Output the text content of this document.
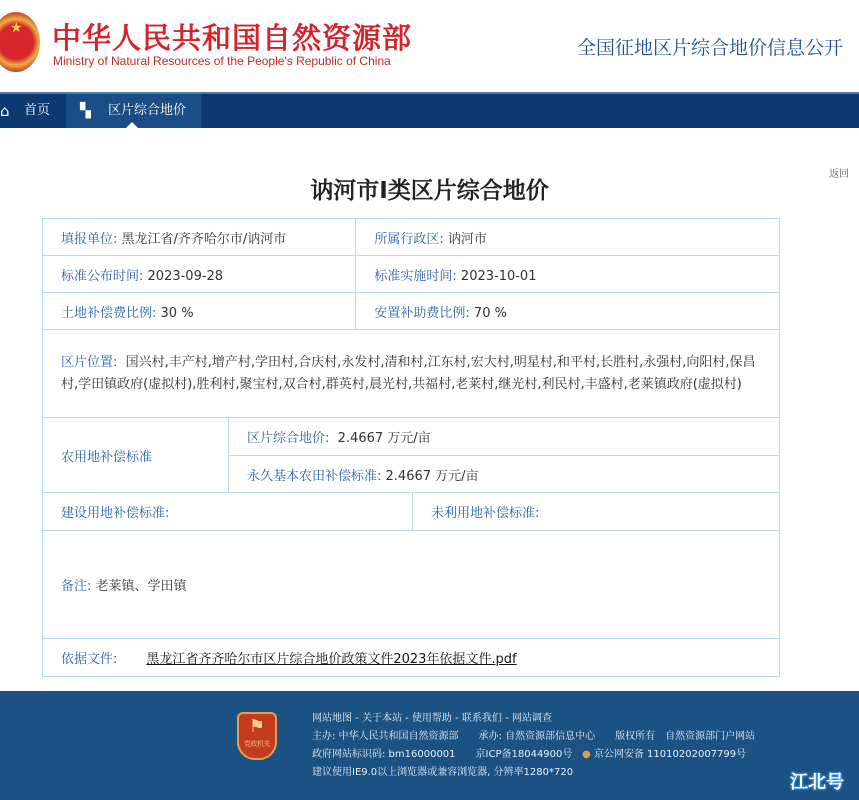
★ 中华人民共和国自然资源部
Ministry of Natural Resources of the People's Republic of China
全国征地区片综合地价信息公开
⌂ 首页 ▚ 区片综合地价
返回
讷河市Ⅰ类区片综合地价
填报单位: 黑龙江省/齐齐哈尔市/讷河市	所属行政区: 讷河市
标准公布时间: 2023-09-28	标准实施时间: 2023-10-01
土地补偿费比例: 30 %	安置补助费比例: 70 %
区片位置: 国兴村,丰产村,增产村,学田村,合庆村,永发村,清和村,江东村,宏大村,明星村,和平村,长胜村,永强村,向阳村,保昌村,学田镇政府(虚拟村),胜利村,聚宝村,双合村,群英村,晨光村,共福村,老莱村,继光村,利民村,丰盛村,老莱镇政府(虚拟村)	
农用地补偿标准	区片综合地价: 2.4667 万元/亩
永久基本农田补偿标准: 2.4667 万元/亩
建设用地补偿标准:	未利用地补偿标准:
备注: 老莱镇、学田镇
依据文件: 黑龙江省齐齐哈尔市区片综合地价政策文件2023年依据文件.pdf
⚑
党政机关
网站地图 - 关于本站 - 使用帮助 - 联系我们 - 网站调查
主办: 中华人民共和国自然资源部　　承办: 自然资源部信息中心　　版权所有　自然资源部门户网站
政府网站标识码: bm16000001　　京ICP备18044900号 ● 京公网安备 11010202007799号
建议使用IE9.0以上浏览器或兼容浏览器, 分辨率1280*720	江北号
